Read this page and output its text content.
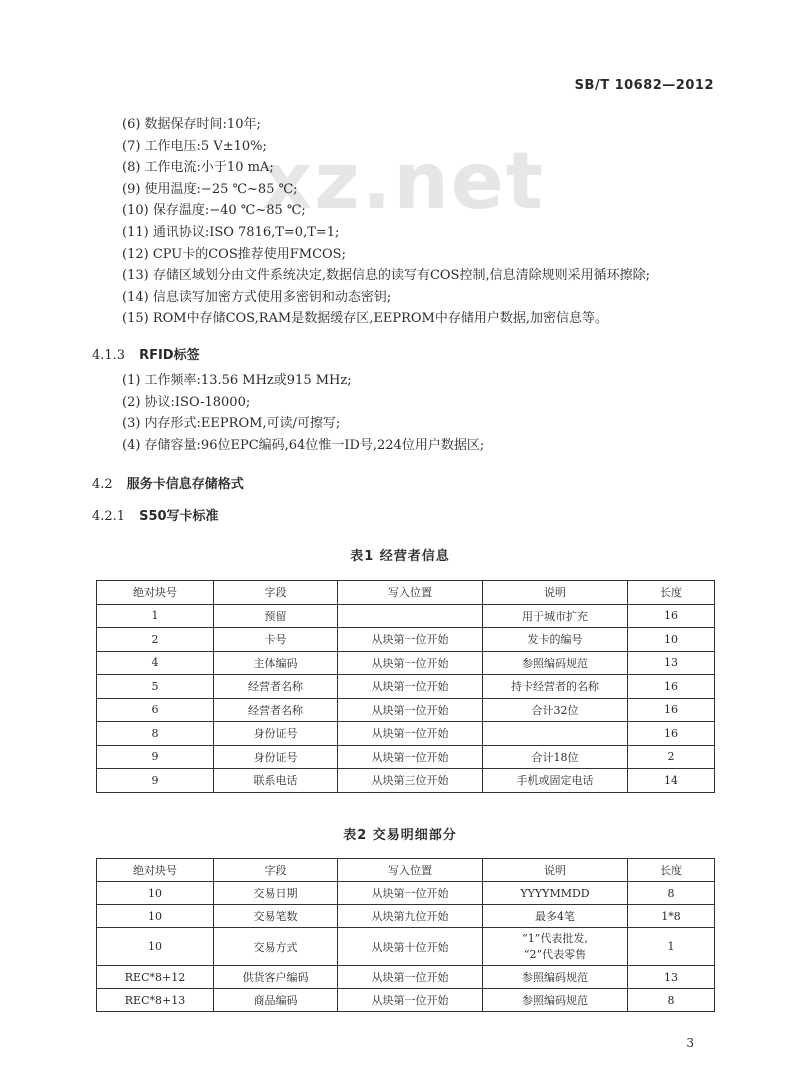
SB/T 10682—2012
xz.net
(6) 数据保存时间:10年;
(7) 工作电压:5 V±10%;
(8) 工作电流:小于10 mA;
(9) 使用温度:−25 ℃~85 ℃;
(10) 保存温度:−40 ℃~85 ℃;
(11) 通讯协议:ISO 7816,T=0,T=1;
(12) CPU卡的COS推荐使用FMCOS;
(13) 存储区域划分由文件系统决定,数据信息的读写有COS控制,信息清除规则采用循环擦除;
(14) 信息读写加密方式使用多密钥和动态密钥;
(15) ROM中存储COS,RAM是数据缓存区,EEPROM中存储用户数据,加密信息等。
4.1.3 RFID标签
(1) 工作频率:13.56 MHz或915 MHz;
(2) 协议:ISO-18000;
(3) 内存形式:EEPROM,可读/可擦写;
(4) 存储容量:96位EPC编码,64位惟一ID号,224位用户数据区;
4.2 服务卡信息存储格式
4.2.1 S50写卡标准
表1 经营者信息
绝对块号	字段	写入位置	说明	长度
1	预留		用于城市扩充	16
2	卡号	从块第一位开始	发卡的编号	10
4	主体编码	从块第一位开始	参照编码规范	13
5	经营者名称	从块第一位开始	持卡经营者的名称	16
6	经营者名称	从块第一位开始	合计32位	16
8	身份证号	从块第一位开始		16
9	身份证号	从块第一位开始	合计18位	2
9	联系电话	从块第三位开始	手机或固定电话	14
表2 交易明细部分
绝对块号	字段	写入位置	说明	长度
10	交易日期	从块第一位开始	YYYYMMDD	8
10	交易笔数	从块第九位开始	最多4笔	1*8
10	交易方式	从块第十位开始	“1”代表批发,
“2”代表零售	1
REC*8+12	供货客户编码	从块第一位开始	参照编码规范	13
REC*8+13	商品编码	从块第一位开始	参照编码规范	8
3
